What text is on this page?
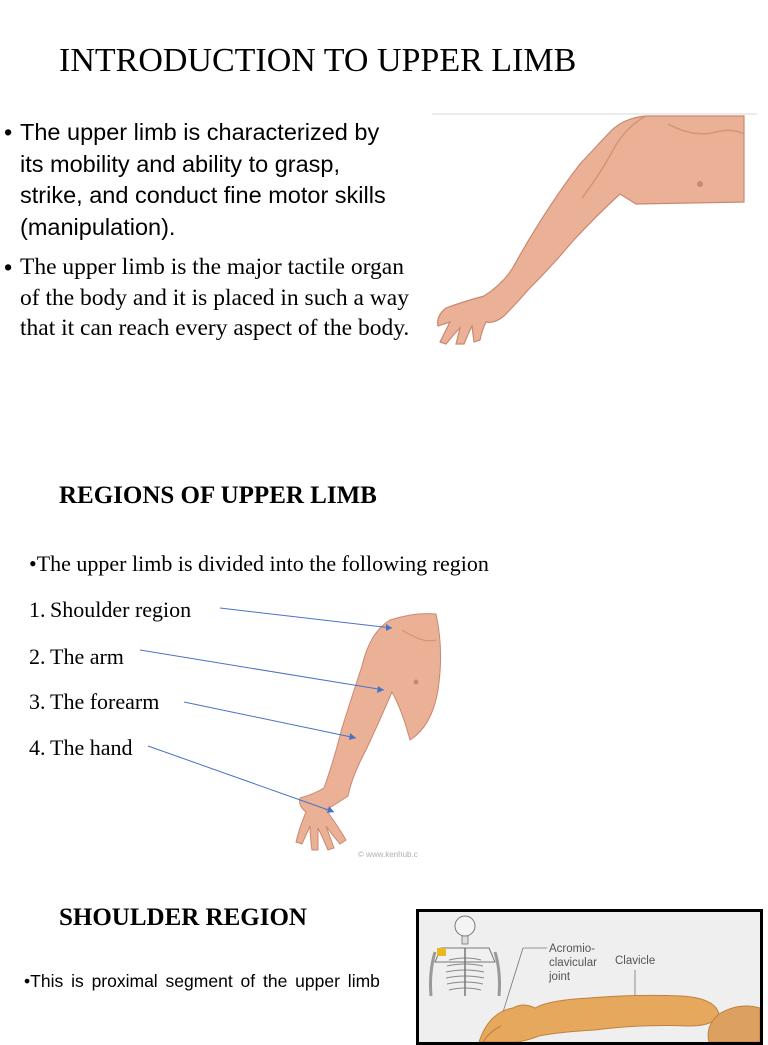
INTRODUCTION TO UPPER LIMB
• The upper limb is characterized by its mobility and ability to grasp, strike, and conduct fine motor skills (manipulation).
• The upper limb is the major tactile organ of the body and it is placed in such a way that it can reach every aspect of the body.
REGIONS OF UPPER LIMB
•The upper limb is divided into the following region
1. Shoulder region
2. The arm
3. The forearm
4. The hand
© www.kenhub.c
SHOULDER REGION
•This is proximal segment of the upper limb
Acromio-
clavicular
joint
Clavicle
